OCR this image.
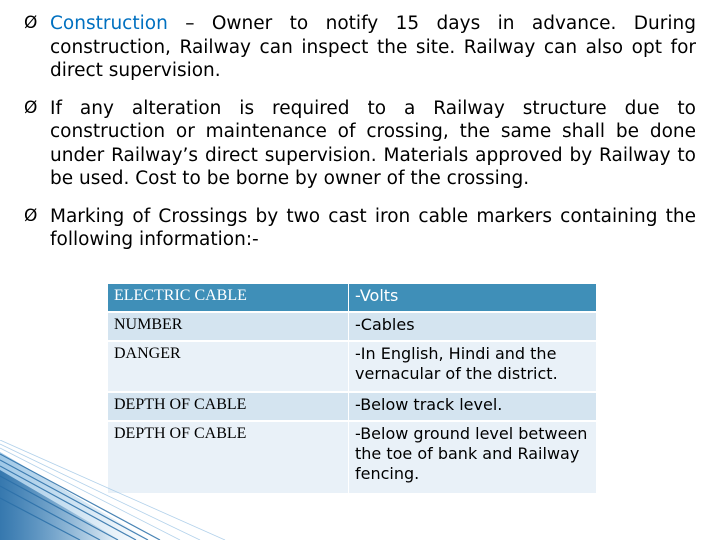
Ø Construction – Owner to notify 15 days in advance. During construction, Railway can inspect the site. Railway can also opt for direct supervision.
Ø If any alteration is required to a Railway structure due to construction or maintenance of crossing, the same shall be done under Railway’s direct supervision. Materials approved by Railway to be used. Cost to be borne by owner of the crossing.
Ø Marking of Crossings by two cast iron cable markers containing the following information:-
ELECTRIC CABLE	-Volts
NUMBER	-Cables
DANGER	-In English, Hindi and the vernacular of the district.
DEPTH OF CABLE	-Below track level.
DEPTH OF CABLE	-Below ground level between the toe of bank and Railway fencing.
